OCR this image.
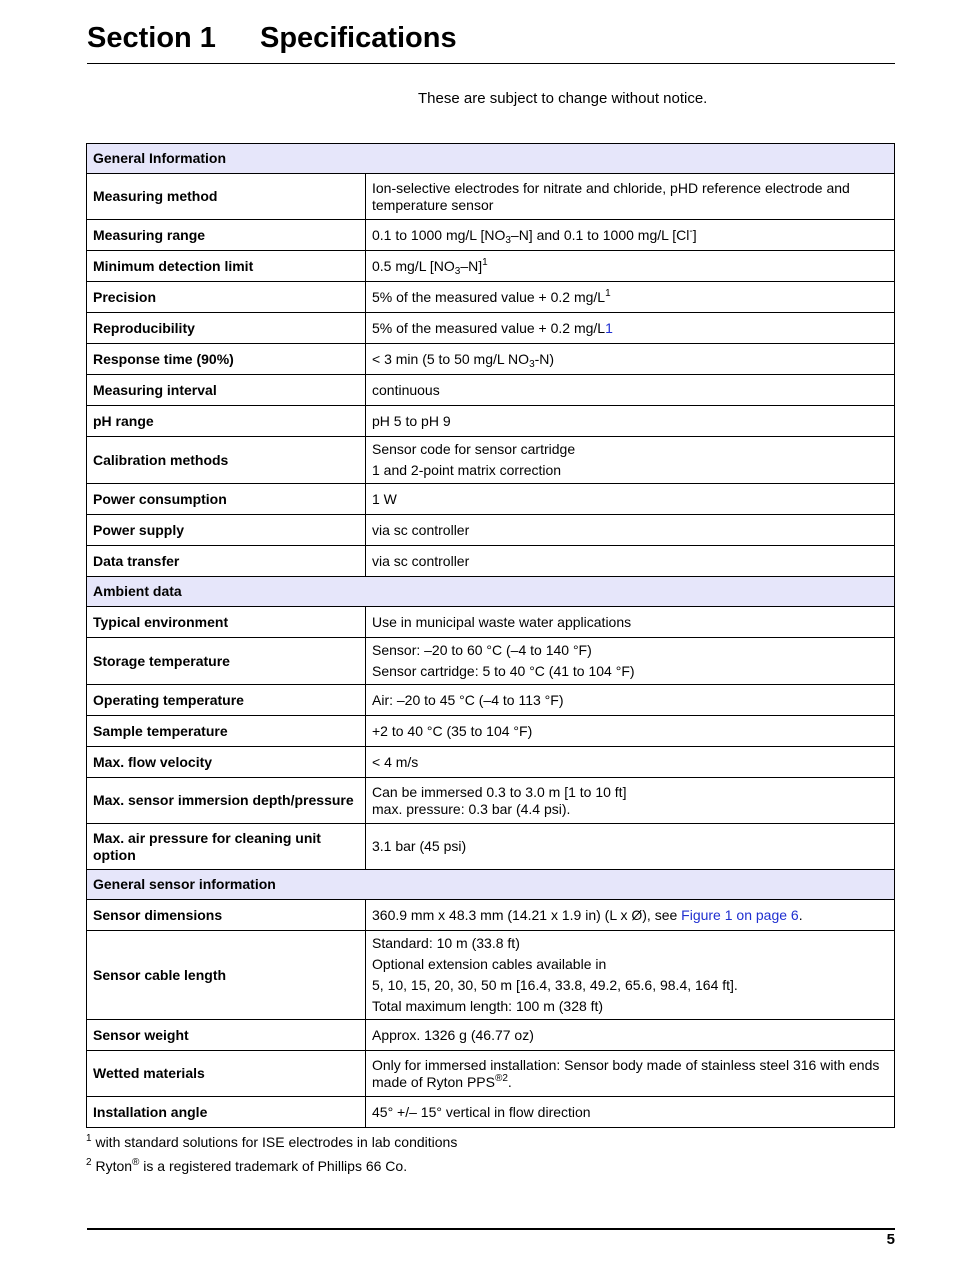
Section 1 Specifications
These are subject to change without notice.
General Information	
Measuring method	Ion-selective electrodes for nitrate and chloride, pHD reference electrode and temperature sensor
Measuring range	0.1 to 1000 mg/L $[NO_3-N]$ and 0.1 to 1000 mg/L [Cl-]
Minimum detection limit	0.5 mg/L $[NO_3-N]^1$
Precision	5% of the measured value + 0.2 $mg/L^1$
Reproducibility	5% of the measured value + 0.2 mg/L1
Response time (90%)	< 3 min (5 to 50 mg/L $NO_3-N$)
Measuring interval	continuous
pH range	pH 5 to pH 9
Calibration methods	Sensor code for sensor cartridge
1 and 2-point matrix correction

Power consumption	1 W
Power supply	via sc controller
Data transfer	via sc controller
Ambient data	
Typical environment	Use in municipal waste water applications
Storage temperature	Sensor: –20 to 60 °C (–4 to 140 °F)
Sensor cartridge: 5 to 40 °C (41 to 104 °F)

Operating temperature	Air: –20 to 45 °C (–4 to 113 °F)
Sample temperature	+2 to 40 °C (35 to 104 °F)
Max. flow velocity	< 4 m/s
Max. sensor immersion depth/pressure	Can be immersed 0.3 to 3.0 m [1 to 10 ft]
max. pressure: 0.3 bar (4.4 psi).

Max. air pressure for cleaning unit option	3.1 bar (45 psi)
General sensor information	
Sensor dimensions	360.9 mm x 48.3 mm (14.21 x 1.9 in) (L x Ø), see Figure 1 on page 6.
Sensor cable length	Standard: 10 m (33.8 ft)
Optional extension cables available in
5, 10, 15, 20, 30, 50 m [16.4, 33.8, 49.2, 65.6, 98.4, 164 ft].
Total maximum length: 100 m (328 ft)

Sensor weight	Approx. 1326 g (46.77 oz)
Wetted materials	Only for immersed installation: Sensor body made of stainless steel 316 with ends made of Ryton $PPS^{®2}$.
Installation angle	45° +/– 15° vertical in flow direction
$^1$ with standard solutions for ISE electrodes in lab conditions
$^2$ Ryton® is a registered trademark of Phillips 66 Co.
5
